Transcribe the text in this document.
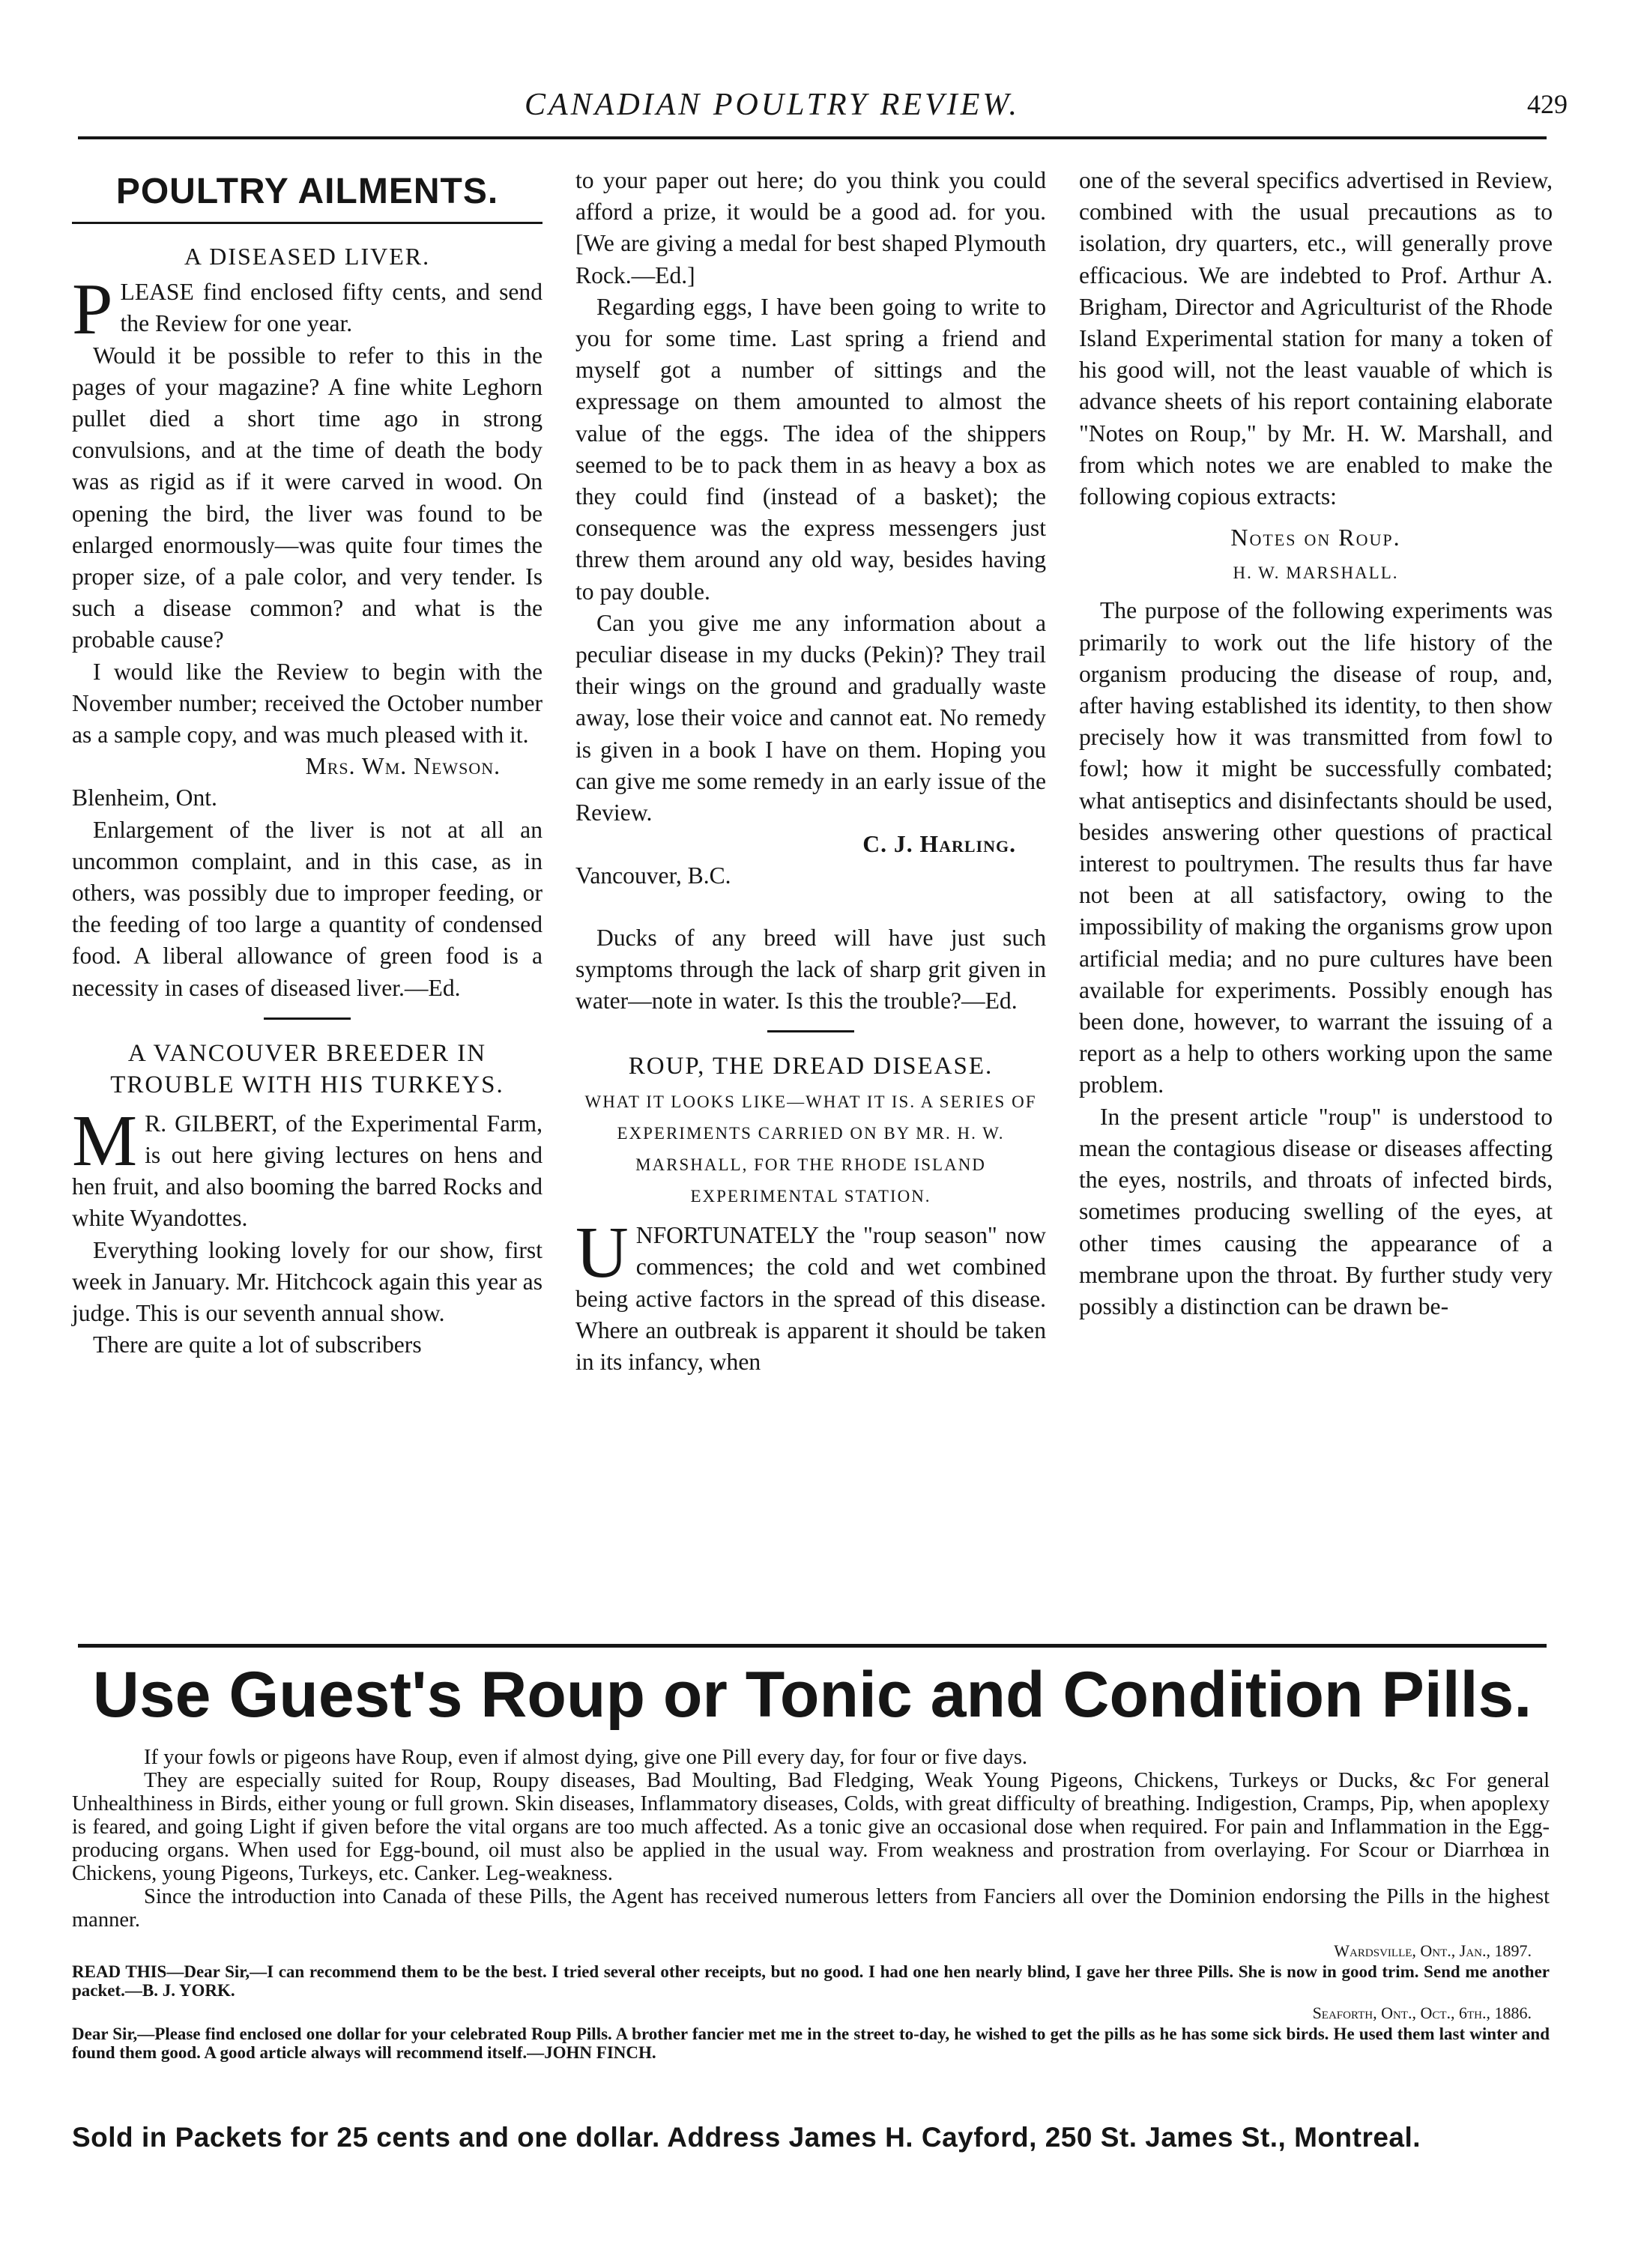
CANADIAN POULTRY REVIEW.	429
POULTRY AILMENTS.
A DISEASED LIVER.

PLEASE find enclosed fifty cents, and send the Review for one year.

Would it be possible to refer to this in the pages of your magazine? A fine white Leghorn pullet died a short time ago in strong convulsions, and at the time of death the body was as rigid as if it were carved in wood. On opening the bird, the liver was found to be enlarged enormously—was quite four times the proper size, of a pale color, and very tender. Is such a disease common? and what is the probable cause?

I would like the Review to begin with the November number; received the October number as a sample copy, and was much pleased with it.

Mrs. Wm. Newson.

Blenheim, Ont.

Enlargement of the liver is not at all an uncommon complaint, and in this case, as in others, was possibly due to improper feeding, or the feeding of too large a quantity of condensed food. A liberal allowance of green food is a necessity in cases of diseased liver.—Ed.

A VANCOUVER BREEDER IN TROUBLE WITH HIS TURKEYS.

M R. GILBERT, of the Experimental Farm, is out here giving lectures on hens and hen fruit, and also booming the barred Rocks and white Wyandottes.

Everything looking lovely for our show, first week in January. Mr. Hitchcock again this year as judge. This is our seventh annual show.

There are quite a lot of subscribers

to your paper out here; do you think you could afford a prize, it would be a good ad. for you. [We are giving a medal for best shaped Plymouth Rock.—Ed.]

Regarding eggs, I have been going to write to you for some time. Last spring a friend and myself got a number of sittings and the expressage on them amounted to almost the value of the eggs. The idea of the shippers seemed to be to pack them in as heavy a box as they could find (instead of a basket); the consequence was the express messengers just threw them around any old way, besides having to pay double.

Can you give me any information about a peculiar disease in my ducks (Pekin)? They trail their wings on the ground and gradually waste away, lose their voice and cannot eat. No remedy is given in a book I have on them. Hoping you can give me some remedy in an early issue of the Review.

C. J. Harling.

Vancouver, B.C.

Ducks of any breed will have just such symptoms through the lack of sharp grit given in water—note in water. Is this the trouble?—Ed.

ROUP, THE DREAD DISEASE.
WHAT IT LOOKS LIKE—WHAT IT IS. A SERIES OF EXPERIMENTS CARRIED ON BY MR. H. W. MARSHALL, FOR THE RHODE ISLAND EXPERIMENTAL STATION.

UNFORTUNATELY the "roup season" now commences; the cold and wet combined being active factors in the spread of this disease. Where an outbreak is apparent it should be taken in its infancy, when

one of the several specifics advertised in Review, combined with the usual precautions as to isolation, dry quarters, etc., will generally prove efficacious. We are indebted to Prof. Arthur A. Brigham, Director and Agriculturist of the Rhode Island Experimental station for many a token of his good will, not the least vauable of which is advance sheets of his report containing elaborate "Notes on Roup," by Mr. H. W. Marshall, and from which notes we are enabled to make the following copious extracts:

Notes on Roup.
H. W. MARSHALL.

The purpose of the following experiments was primarily to work out the life history of the organism producing the disease of roup, and, after having established its identity, to then show precisely how it was transmitted from fowl to fowl; how it might be successfully combated; what antiseptics and disinfectants should be used, besides answering other questions of practical interest to poultrymen. The results thus far have not been at all satisfactory, owing to the impossibility of making the organisms grow upon artificial media; and no pure cultures have been available for experiments. Possibly enough has been done, however, to warrant the issuing of a report as a help to others working upon the same problem.

In the present article "roup" is understood to mean the contagious disease or diseases affecting the eyes, nostrils, and throats of infected birds, sometimes producing swelling of the eyes, at other times causing the appearance of a membrane upon the throat. By further study very possibly a distinction can be drawn be-

Use Guest's Roup or Tonic and Condition Pills.

If your fowls or pigeons have Roup, even if almost dying, give one Pill every day, for four or five days.

They are especially suited for Roup, Roupy diseases, Bad Moulting, Bad Fledging, Weak Young Pigeons, Chickens, Turkeys or Ducks, &c For general Unhealthiness in Birds, either young or full grown. Skin diseases, Inflammatory diseases, Colds, with great difficulty of breathing. Indigestion, Cramps, Pip, when apoplexy is feared, and going Light if given before the vital organs are too much affected. As a tonic give an occasional dose when required. For pain and Inflammation in the Egg-producing organs. When used for Egg-bound, oil must also be applied in the usual way. From weakness and prostration from overlaying. For Scour or Diarrhœa in Chickens, young Pigeons, Turkeys, etc. Canker. Leg-weakness.

Since the introduction into Canada of these Pills, the Agent has received numerous letters from Fanciers all over the Dominion endorsing the Pills in the highest manner.

Wardsville, Ont., Jan., 1897.

READ THIS—Dear Sir,—I can recommend them to be the best. I tried several other receipts, but no good. I had one hen nearly blind, I gave her three Pills. She is now in good trim. Send me another packet.—B. J. YORK.

Seaforth, Ont., Oct., 6th., 1886.

Dear Sir,—Please find enclosed one dollar for your celebrated Roup Pills. A brother fancier met me in the street to-day, he wished to get the pills as he has some sick birds. He used them last winter and found them good. A good article always will recommend itself.—JOHN FINCH.

Sold in Packets for 25 cents and one dollar. Address James H. Cayford, 250 St. James St., Montreal.
